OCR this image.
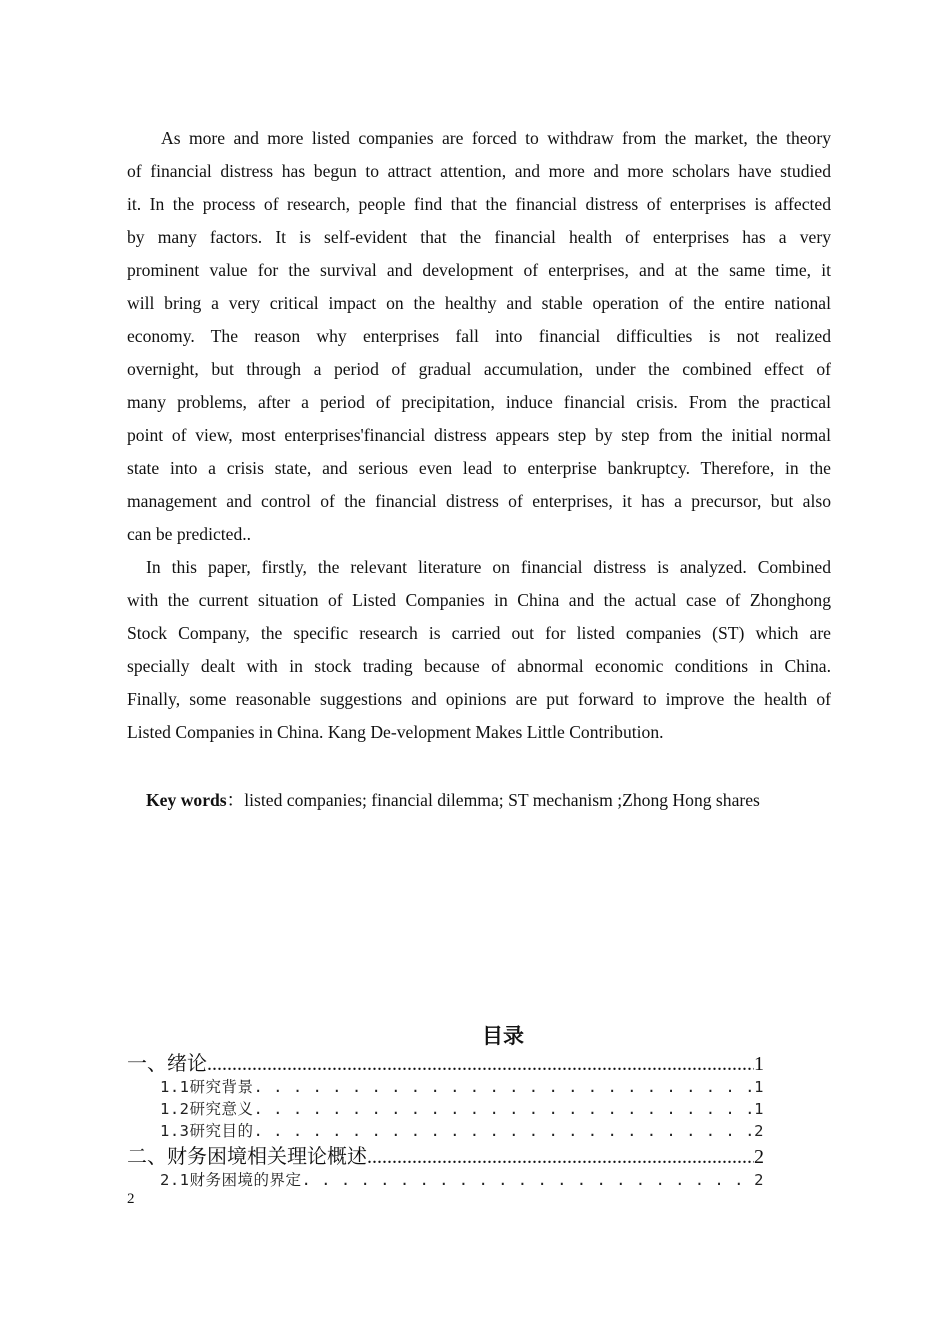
As more and more listed companies are forced to withdraw from the market, the theory
of financial distress has begun to attract attention, and more and more scholars have studied
it. In the process of research, people find that the financial distress of enterprises is affected
by many factors. It is self-evident that the financial health of enterprises has a very
prominent value for the survival and development of enterprises, and at the same time, it
will bring a very critical impact on the healthy and stable operation of the entire national
economy. The reason why enterprises fall into financial difficulties is not realized
overnight, but through a period of gradual accumulation, under the combined effect of
many problems, after a period of precipitation, induce financial crisis. From the practical
point of view, most enterprises'financial distress appears step by step from the initial normal
state into a crisis state, and serious even lead to enterprise bankruptcy. Therefore, in the
management and control of the financial distress of enterprises, it has a precursor, but also
can be predicted..
In this paper, firstly, the relevant literature on financial distress is analyzed. Combined
with the current situation of Listed Companies in China and the actual case of Zhonghong
Stock Company, the specific research is carried out for listed companies (ST) which are
specially dealt with in stock trading because of abnormal economic conditions in China.
Finally, some reasonable suggestions and opinions are put forward to improve the health of
Listed Companies in China. Kang De-velopment Makes Little Contribution.
Key words：listed companies; financial dilemma; ST mechanism ;Zhong Hong shares
目录
一、绪论 .....	1
1.1研究背景 . . .	1
1.2研究意义 . . .	1
1.3研究目的 . . .	2
二、财务困境相关理论概述 .....	2
2.1财务困境的界定 . . .	2
2
